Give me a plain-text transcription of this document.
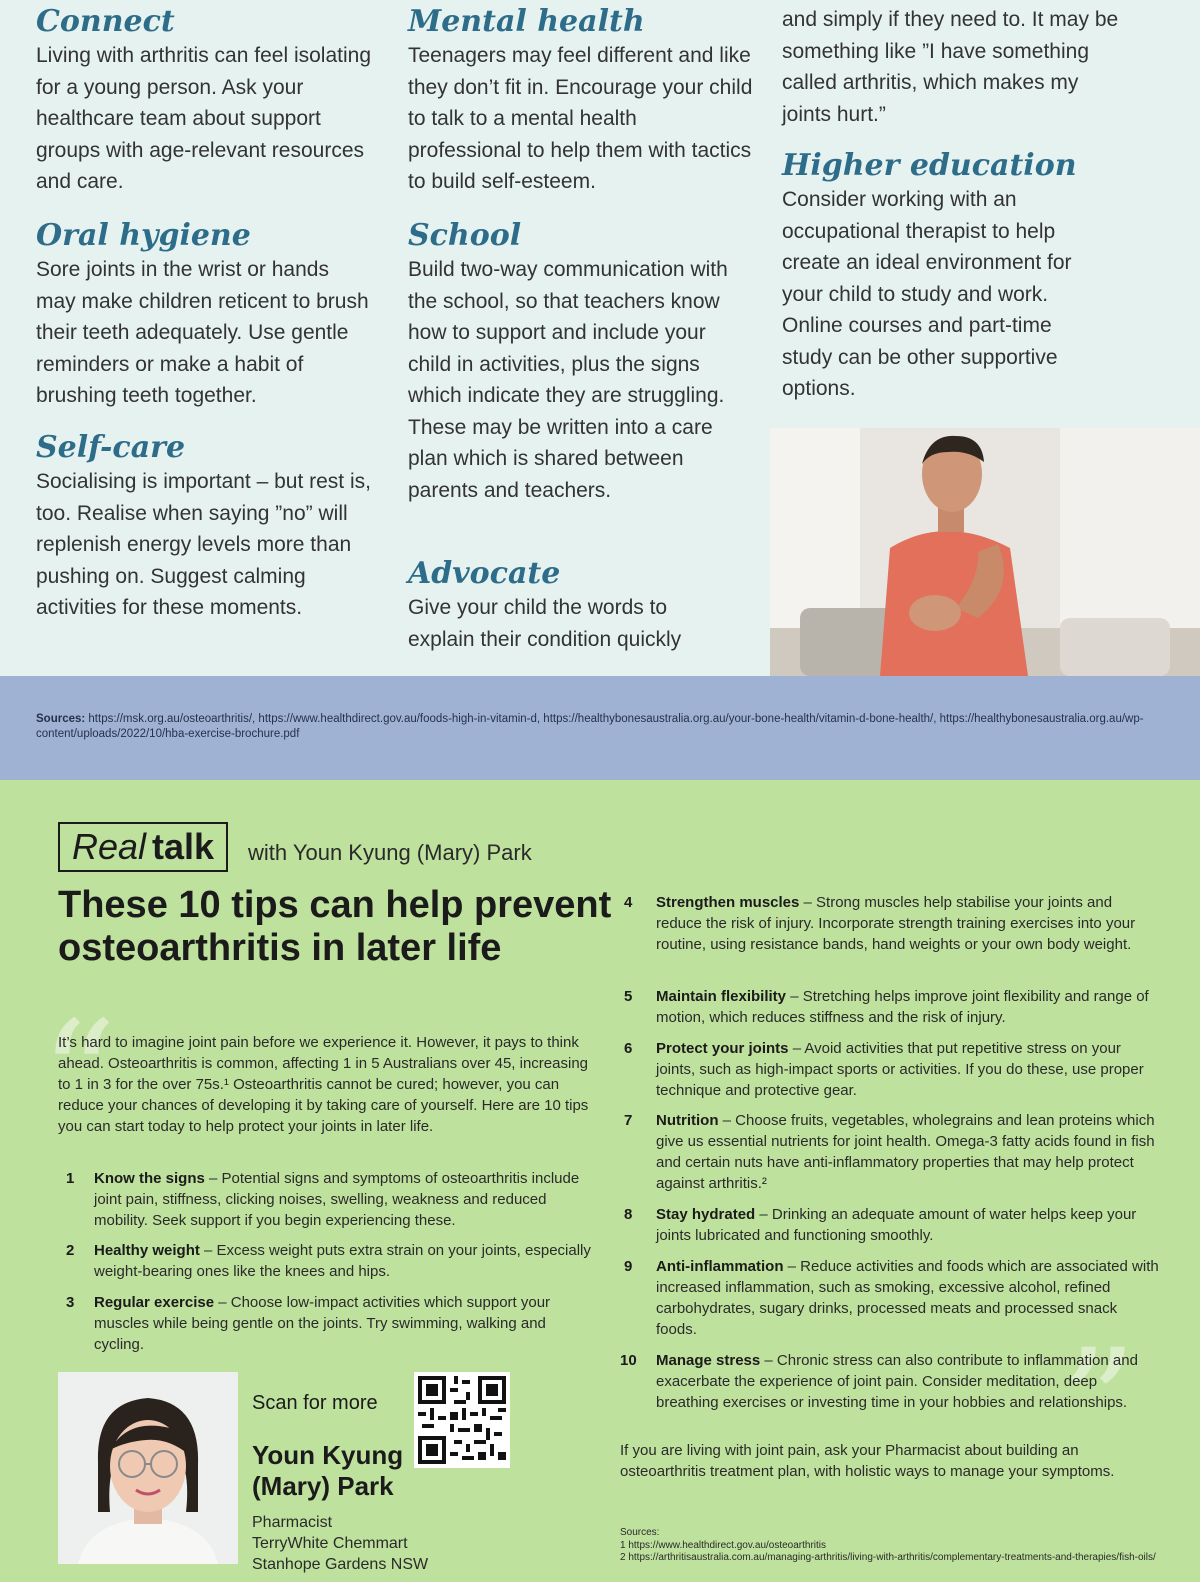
Connect

Living with arthritis can feel isolating for a young person. Ask your healthcare team about support groups with age-relevant resources and care.

Oral hygiene

Sore joints in the wrist or hands may make children reticent to brush their teeth adequately. Use gentle reminders or make a habit of brushing teeth together.

Self-care

Socialising is important – but rest is, too. Realise when saying ”no” will replenish energy levels more than pushing on. Suggest calming activities for these moments.

Mental health

Teenagers may feel different and like they don’t fit in. Encourage your child to talk to a mental health professional to help them with tactics to build self-esteem.

School

Build two-way communication with the school, so that teachers know how to support and include your child in activities, plus the signs which indicate they are struggling. These may be written into a care plan which is shared between parents and teachers.

Advocate

Give your child the words to explain their condition quickly

and simply if they need to. It may be something like ”I have something called arthritis, which makes my joints hurt.”

Higher education

Consider working with an occupational therapist to help create an ideal environment for your child to study and work. Online courses and part-time study can be other supportive options.

Sources: https://msk.org.au/osteoarthritis/, https://www.healthdirect.gov.au/foods-high-in-vitamin-d, https://healthybonesaustralia.org.au/your-bone-health/vitamin-d-bone-health/, https://healthybonesaustralia.org.au/wp-content/uploads/2022/10/hba-exercise-brochure.pdf

“
”
Real talk with Youn Kyung (Mary) Park
These 10 tips can help prevent osteoarthritis in later life

It’s hard to imagine joint pain before we experience it. However, it pays to think ahead. Osteoarthritis is common, affecting 1 in 5 Australians over 45, increasing to 1 in 3 for the over 75s.¹ Osteoarthritis cannot be cured; however, you can reduce your chances of developing it by taking care of yourself. Here are 10 tips you can start today to help protect your joints in later life.

1	Know the signs – Potential signs and symptoms of osteoarthritis include joint pain, stiffness, clicking noises, swelling, weakness and reduced mobility. Seek support if you begin experiencing these.
2	Healthy weight – Excess weight puts extra strain on your joints, especially weight-bearing ones like the knees and hips.
3	Regular exercise – Choose low-impact activities which support your muscles while being gentle on the joints. Try swimming, walking and cycling.
4	Strengthen muscles – Strong muscles help stabilise your joints and reduce the risk of injury. Incorporate strength training exercises into your routine, using resistance bands, hand weights or your own body weight.
5	Maintain flexibility – Stretching helps improve joint flexibility and range of motion, which reduces stiffness and the risk of injury.
6	Protect your joints – Avoid activities that put repetitive stress on your joints, such as high-impact sports or activities. If you do these, use proper technique and protective gear.
7	Nutrition – Choose fruits, vegetables, wholegrains and lean proteins which give us essential nutrients for joint health. Omega-3 fatty acids found in fish and certain nuts have anti-inflammatory properties that may help protect against arthritis.²
8	Stay hydrated – Drinking an adequate amount of water helps keep your joints lubricated and functioning smoothly.
9	Anti-inflammation – Reduce activities and foods which are associated with increased inflammation, such as smoking, excessive alcohol, refined carbohydrates, sugary drinks, processed meats and processed snack foods.
10	Manage stress – Chronic stress can also contribute to inflammation and exacerbate the experience of joint pain. Consider meditation, deep breathing exercises or investing time in your hobbies and relationships.
Scan for more
Youn Kyung
(Mary) Park
Pharmacist
TerryWhite Chemmart
Stanhope Gardens NSW

If you are living with joint pain, ask your Pharmacist about building an osteoarthritis treatment plan, with holistic ways to manage your symptoms.

Sources:
1 https://www.healthdirect.gov.au/osteoarthritis
2 https://arthritisaustralia.com.au/managing-arthritis/living-with-arthritis/complementary-treatments-and-therapies/fish-oils/
